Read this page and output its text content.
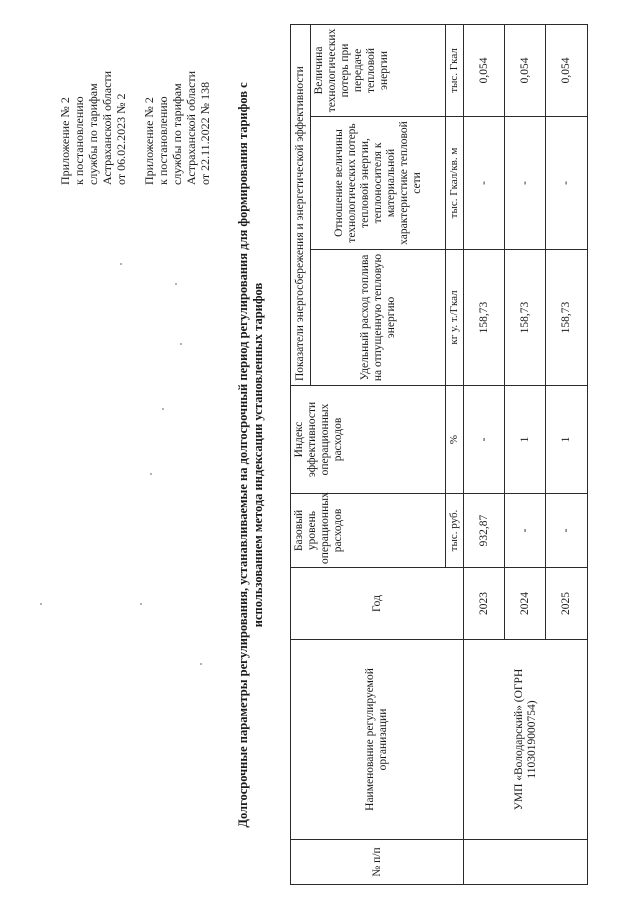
Приложение № 2 к постановлению службы по тарифам Астраханской области от 06.02.2023 № 2 Приложение № 2 к постановлению службы по тарифам Астраханской области от 22.11.2022 № 138 Долгосрочные параметры регулирования, устанавливаемые на долгосрочный период регулирования для формирования тарифов с использованием метода индексации установленных тарифов
№ п/п	Наименование регулируемой организации	Год	Базовый уровень операционных расходов	Индекс эффективности операционных расходов	Показатели энергосбережения и энергетической эффективности		
					Удельный расход топлива на отпущенную тепловую энергию	Отношение величины технологических потерь тепловой энергии, теплоносителя к материальной характеристике тепловой сети	Величина технологических потерь при передаче тепловой энергии
			тыс. руб.	%	кг у. т./Гкал	тыс. Гкал/кв. м	тыс. Гкал
	УМП «Володарский» (ОГРН 1103019000754)	2023	932,87	-	158,73	-	0,054
		2024	-	1	158,73	-	0,054
		2025	-	1	158,73	-	0,054
